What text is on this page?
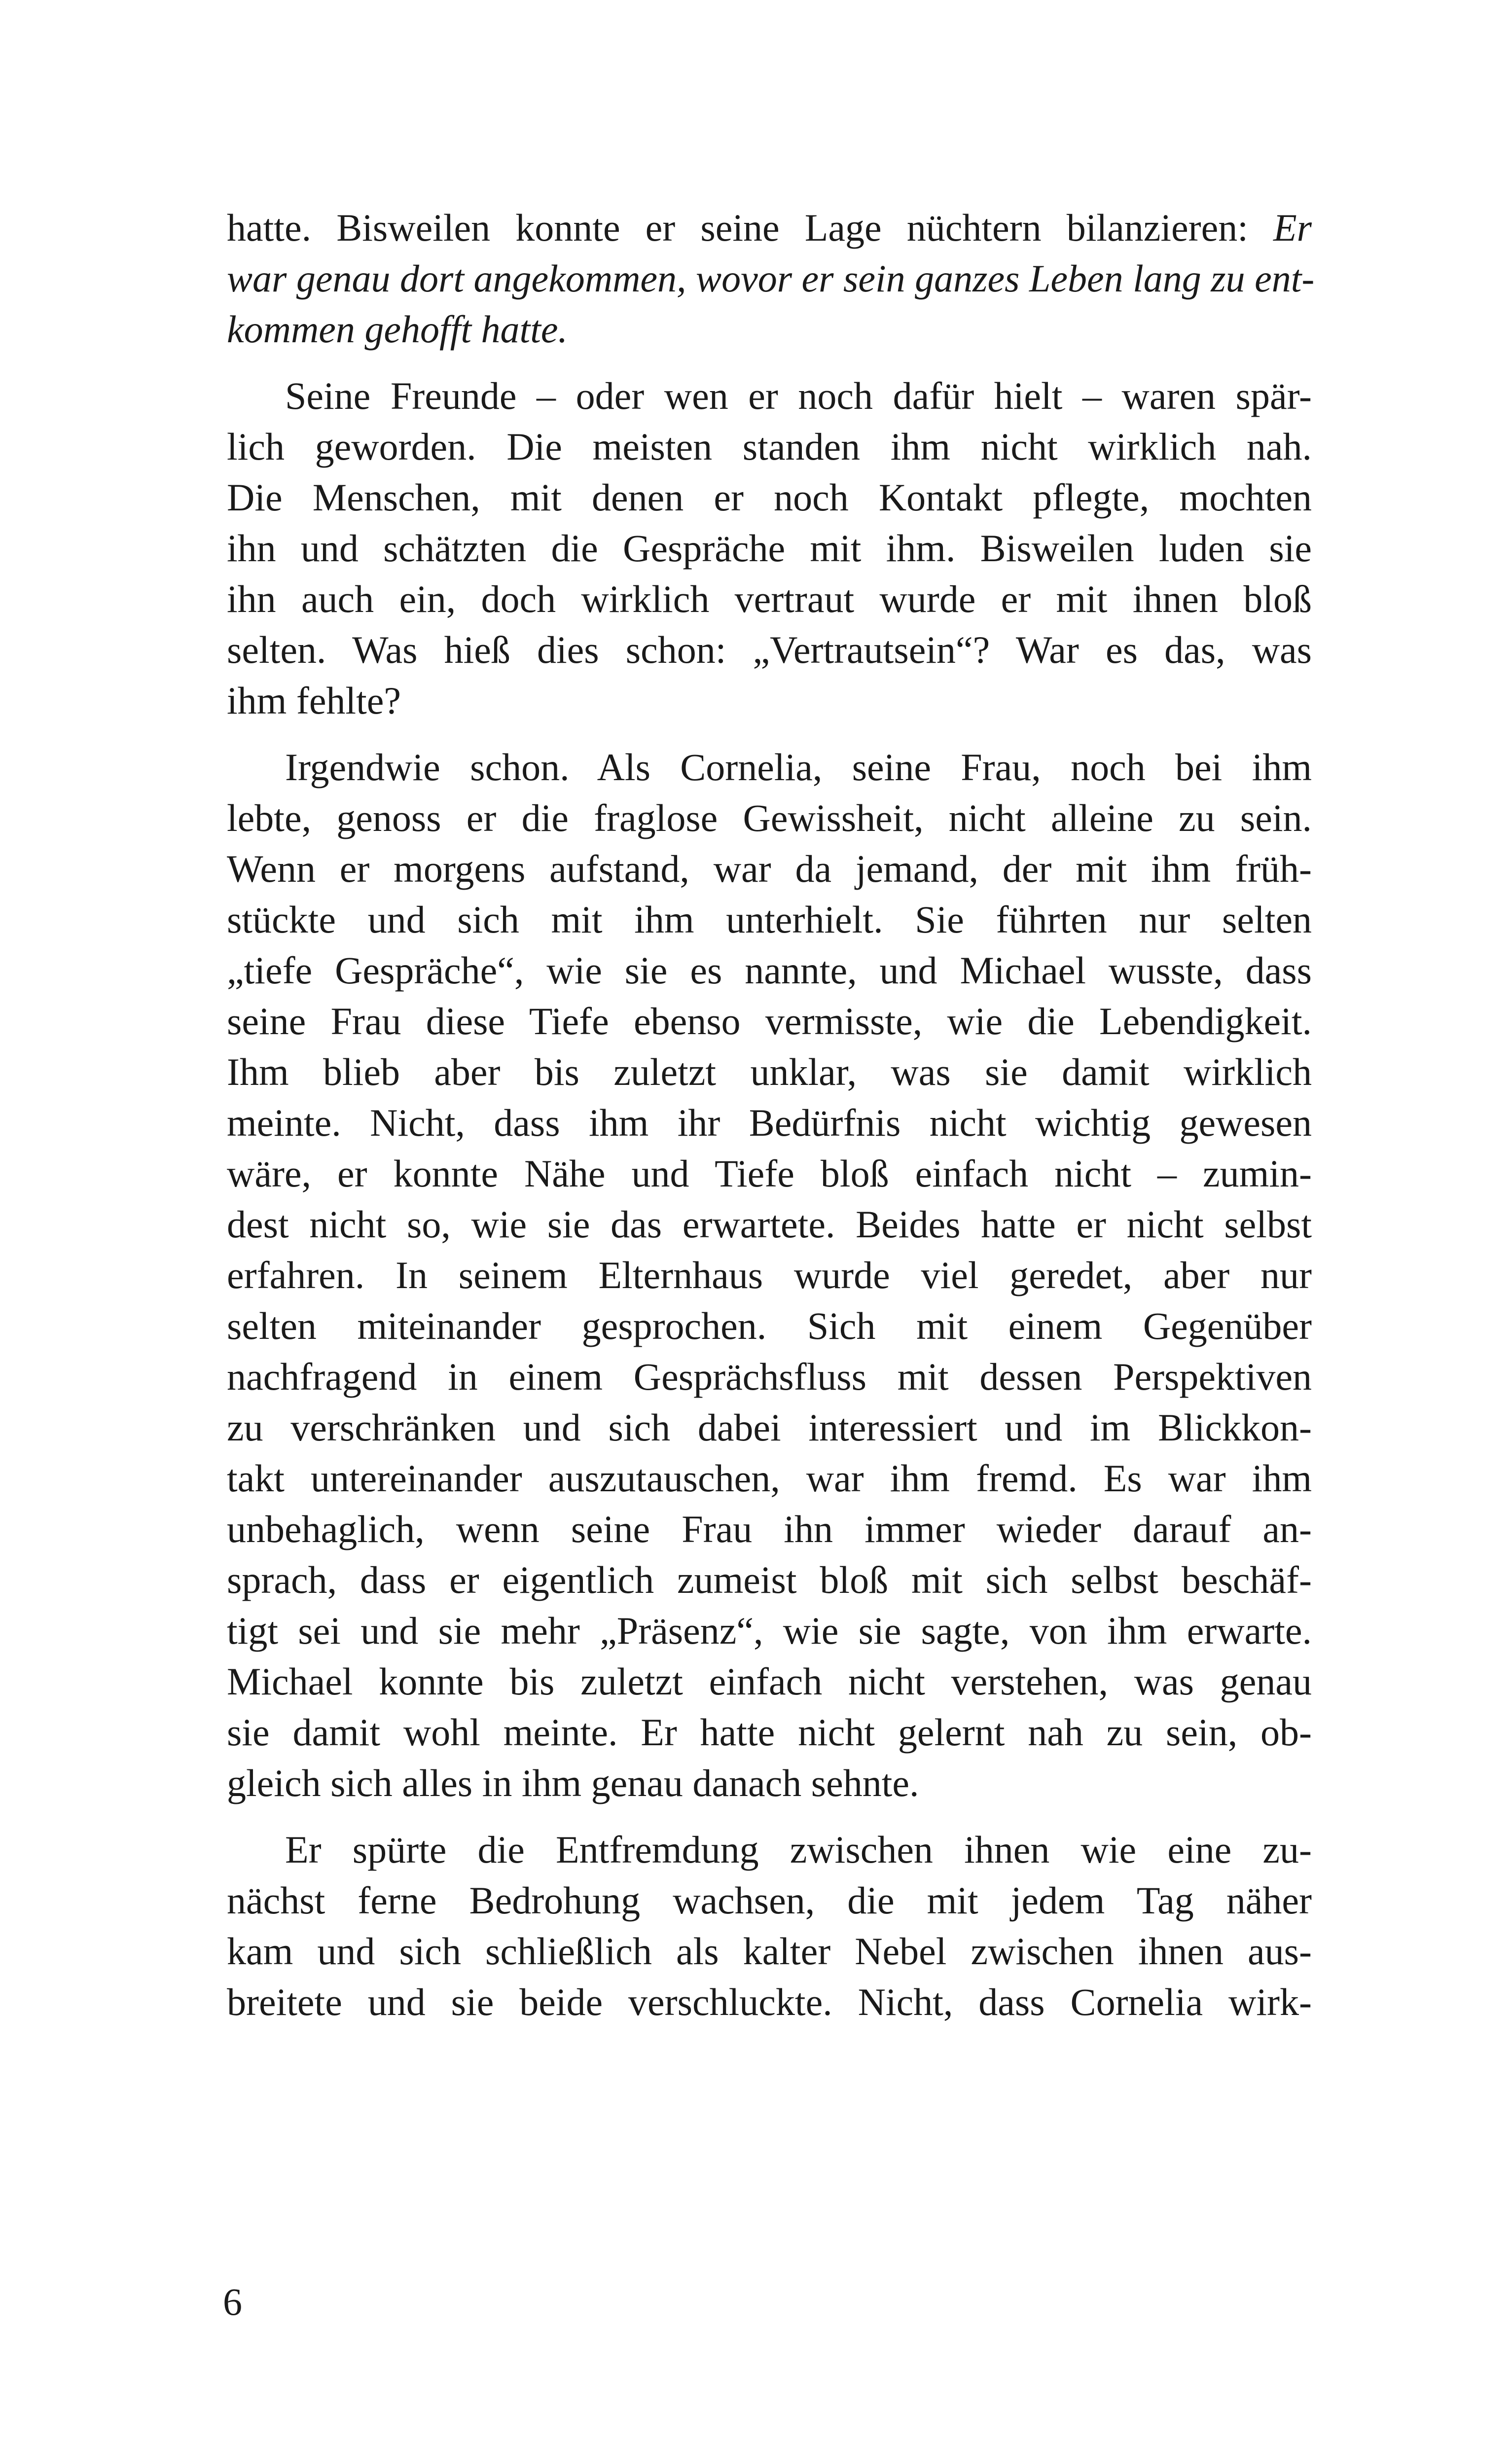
hatte. Bisweilen konnte er seine Lage nüchtern bilanzieren: Er
war genau dort angekommen, wovor er sein ganzes Leben lang zu ent-
kommen gehofft hatte.
Seine Freunde – oder wen er noch dafür hielt – waren spär-
lich geworden. Die meisten standen ihm nicht wirklich nah.
Die Menschen, mit denen er noch Kontakt pflegte, mochten
ihn und schätzten die Gespräche mit ihm. Bisweilen luden sie
ihn auch ein, doch wirklich vertraut wurde er mit ihnen bloß
selten. Was hieß dies schon: „Vertrautsein“? War es das, was
ihm fehlte?
Irgendwie schon. Als Cornelia, seine Frau, noch bei ihm
lebte, genoss er die fraglose Gewissheit, nicht alleine zu sein.
Wenn er morgens aufstand, war da jemand, der mit ihm früh-
stückte und sich mit ihm unterhielt. Sie führten nur selten
„tiefe Gespräche“, wie sie es nannte, und Michael wusste, dass
seine Frau diese Tiefe ebenso vermisste, wie die Lebendigkeit.
Ihm blieb aber bis zuletzt unklar, was sie damit wirklich
meinte. Nicht, dass ihm ihr Bedürfnis nicht wichtig gewesen
wäre, er konnte Nähe und Tiefe bloß einfach nicht – zumin-
dest nicht so, wie sie das erwartete. Beides hatte er nicht selbst
erfahren. In seinem Elternhaus wurde viel geredet, aber nur
selten miteinander gesprochen. Sich mit einem Gegenüber
nachfragend in einem Gesprächsfluss mit dessen Perspektiven
zu verschränken und sich dabei interessiert und im Blickkon-
takt untereinander auszutauschen, war ihm fremd. Es war ihm
unbehaglich, wenn seine Frau ihn immer wieder darauf an-
sprach, dass er eigentlich zumeist bloß mit sich selbst beschäf-
tigt sei und sie mehr „Präsenz“, wie sie sagte, von ihm erwarte.
Michael konnte bis zuletzt einfach nicht verstehen, was genau
sie damit wohl meinte. Er hatte nicht gelernt nah zu sein, ob-
gleich sich alles in ihm genau danach sehnte.
Er spürte die Entfremdung zwischen ihnen wie eine zu-
nächst ferne Bedrohung wachsen, die mit jedem Tag näher
kam und sich schließlich als kalter Nebel zwischen ihnen aus-
breitete und sie beide verschluckte. Nicht, dass Cornelia wirk-
6
